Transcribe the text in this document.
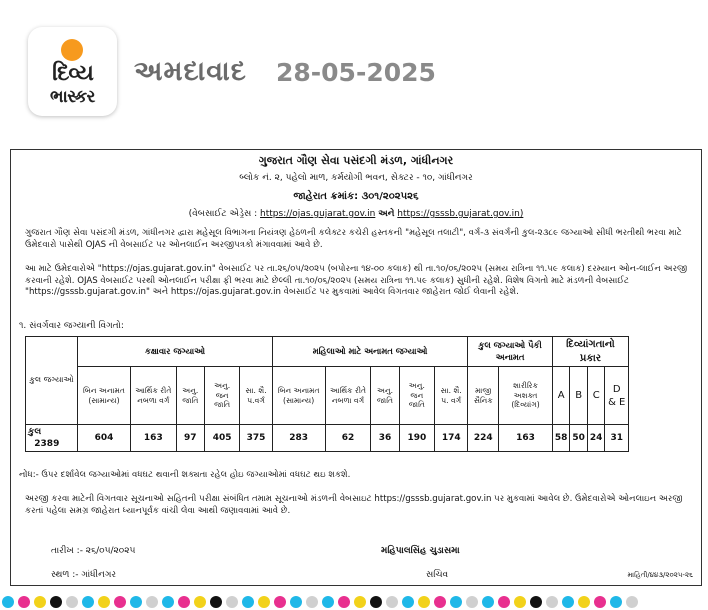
દિવ્ય
ભાસ્કર
અમદાવાદ 28-05-2025
ગુજરાત ગૌણ સેવા પસંદગી મંડળ, ગાંધીનગર
બ્લોક નં. ૨, પહેલો માળ, કર્મયોગી ભવન, સેક્ટર - ૧૦, ગાંધીનગર
જાહેરાત ક્રમાંક: ૩૦૧/૨૦૨૫૨૬
(વેબસાઈટ એડ્રેસ : https://ojas.gujarat.gov.in અને https://gsssb.gujarat.gov.in)

ગુજરાત ગૌણ સેવા પસંદગી મંડળ, ગાંધીનગર દ્વારા મહેસૂલ વિભાગના નિયંત્રણ હેઠળની કલેક્ટર કચેરી હસ્તકની "મહેસૂલ તલાટી", વર્ગ-૩ સંવર્ગની કુલ-૨૩૮૯ જગ્યાઓ સીધી ભરતીથી ભરવા માટે ઉમેદવારો પાસેથી OJAS ની વેબસાઈટ પર ઓનલાઈન અરજીપત્રકો મંગાવવામાં આવે છે.

આ માટે ઉમેદવારોએ "https://ojas.gujarat.gov.in" વેબસાઈટ પર તા.૨૬/૦૫/૨૦૨૫ (બપોરના ૧૪-૦૦ કલાક) થી તા.૧૦/૦૬/૨૦૨૫ (સમય રાત્રિના ૧૧.૫૯ કલાક) દરમ્યાન ઓન-લાઈન અરજી કરવાની રહેશે. OJAS વેબસાઈટ પરથી ઓનલાઈન પરીક્ષા ફી ભરવા માટે છેલ્લી તા.૧૦/૦૬/૨૦૨૫ (સમય રાત્રિના ૧૧.૫૯ કલાક) સુધીની રહેશે. વિશેષ વિગતો માટે મંડળની વેબસાઈટ "https://gsssb.gujarat.gov.in" અને https://ojas.gujarat.gov.in વેબસાઈટ પર મુકવામાં આવેલ વિગતવાર જાહેરાત જોઈ લેવાની રહેશે.

૧. સંવર્ગવાર જગ્યાની વિગતો:
કુલ જગ્યાઓ	કક્ષાવાર જગ્યાઓ					મહિલાઓ માટે અનામત જગ્યાઓ					કુલ જગ્યાઓ પૈકી અનામત		દિવ્યાંગતાનો પ્રકાર			
	બિન અનામત (સામાન્ય)	આર્થિક રીતે નબળા વર્ગ	અનુ. જાતિ	અનુ. જન જાતિ	સા. શૈ. પ.વર્ગ	બિન અનામત (સામાન્ય)	આર્થિક રીતે નબળા વર્ગ	અનુ. જાતિ	અનુ. જન જાતિ	સા. શૈ. પ. વર્ગ	માજી સૈનિક	શારીરિક અશક્ત (દિવ્યાંગ)	A	B	C	D & E
કુલ   2389	604	163	97	405	375	283	62	36	190	174	224	163	58	50	24	31
નોંધ:- ઉપર દર્શાવેલ જગ્યાઓમાં વધઘટ થવાની શક્યતા રહેલ હોઇ જગ્યાઓમાં વધઘટ થઇ શકશે.

અરજી કરવા માટેની વિગતવાર સૂચનાઓ સહિતની પરીક્ષા સંબંધિત તમામ સૂચનાઓ મંડળની વેબસાઇટ https://gsssb.gujarat.gov.in પર મુકવામાં આવેલ છે. ઉમેદવારોએ ઓનલાઇન અરજી કરતાં પહેલા સમગ્ર જાહેરાત ધ્યાનપૂર્વક વાંચી લેવા આથી જણાવવામાં આવે છે.

તારીખ :- ૨૬/૦૫/૨૦૨૫
સ્થળ :- ગાંધીનગર
મહિપાલસિંહ ચુડાસમા
સચિવ	માહિતી/૪૪૩/૨૦૨૫-૨૬
